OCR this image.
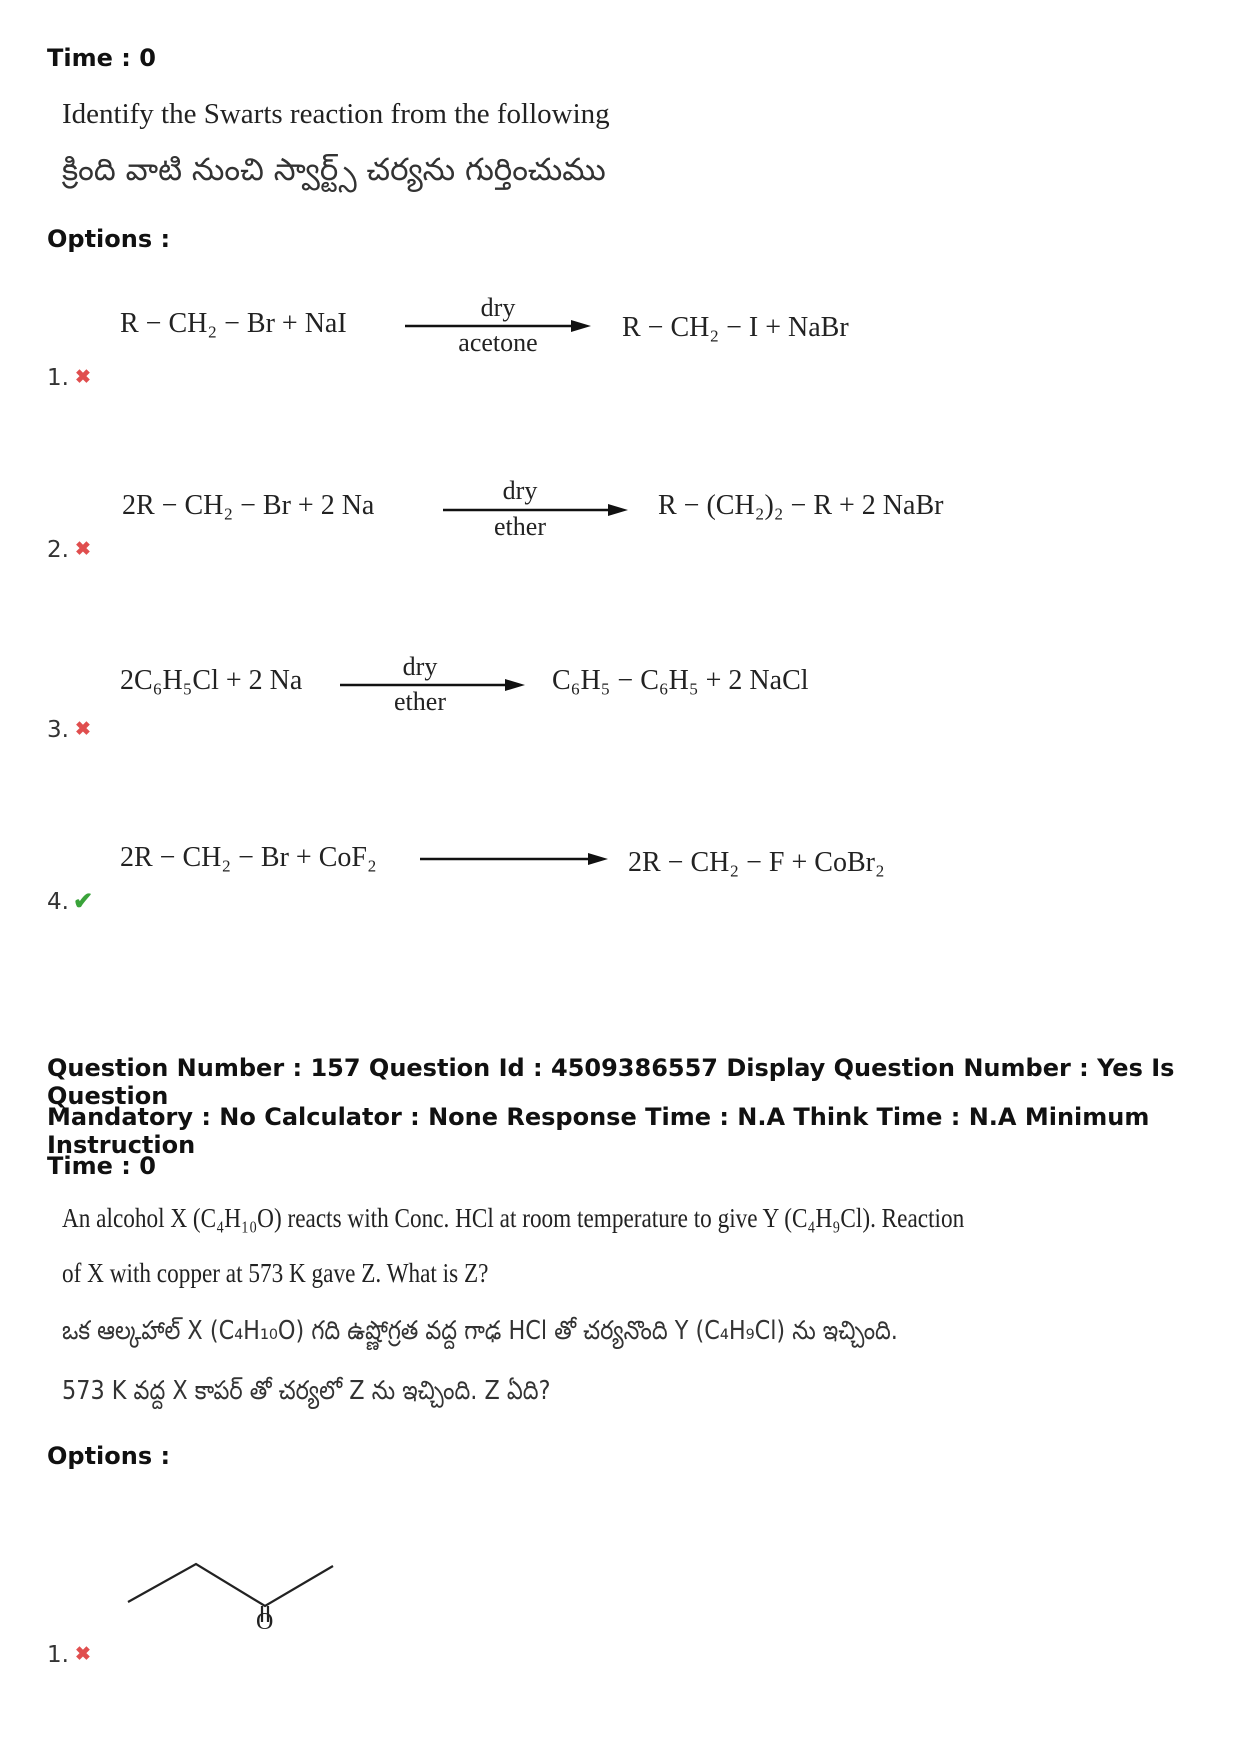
Time : 0
Identify the Swarts reaction from the following
క్రింది వాటి నుంచి స్వార్ట్స్ చర్యను గుర్తించుము
Options :
1. ✖
R − CH₂ − Br + NaI
dry
acetone	R − CH₂ − I + NaBr
2. ✖
2R − CH₂ − Br + 2 Na	dry
ether
R − (CH₂)₂ − R + 2 NaBr
3. ✖
2C₆H₅Cl + 2 Na	dry
ether
C₆H₅ − C₆H₅ + 2 NaCl
4. ✔
2R − CH₂ − Br + CoF₂	2R − CH₂ − F + CoBr₂
Question Number : 157 Question Id : 4509386557 Display Question Number : Yes Is Question
Mandatory : No Calculator : None Response Time : N.A Think Time : N.A Minimum Instruction
Time : 0
An alcohol X (C₄H₁₀O) reacts with Conc. HCl at room temperature to give Y (C₄H₉Cl). Reaction
of X with copper at 573 K gave Z. What is Z?
ఒక ఆల్కహాల్ X (C₄H₁₀O) గది ఉష్ణోగ్రత వద్ద గాఢ HCl తో చర్యనొంది Y (C₄H₉Cl) ను ఇచ్చింది.
573 K వద్ద X కాపర్ తో చర్యలో Z ను ఇచ్చింది. Z ఏది?
Options :
O
1. ✖
